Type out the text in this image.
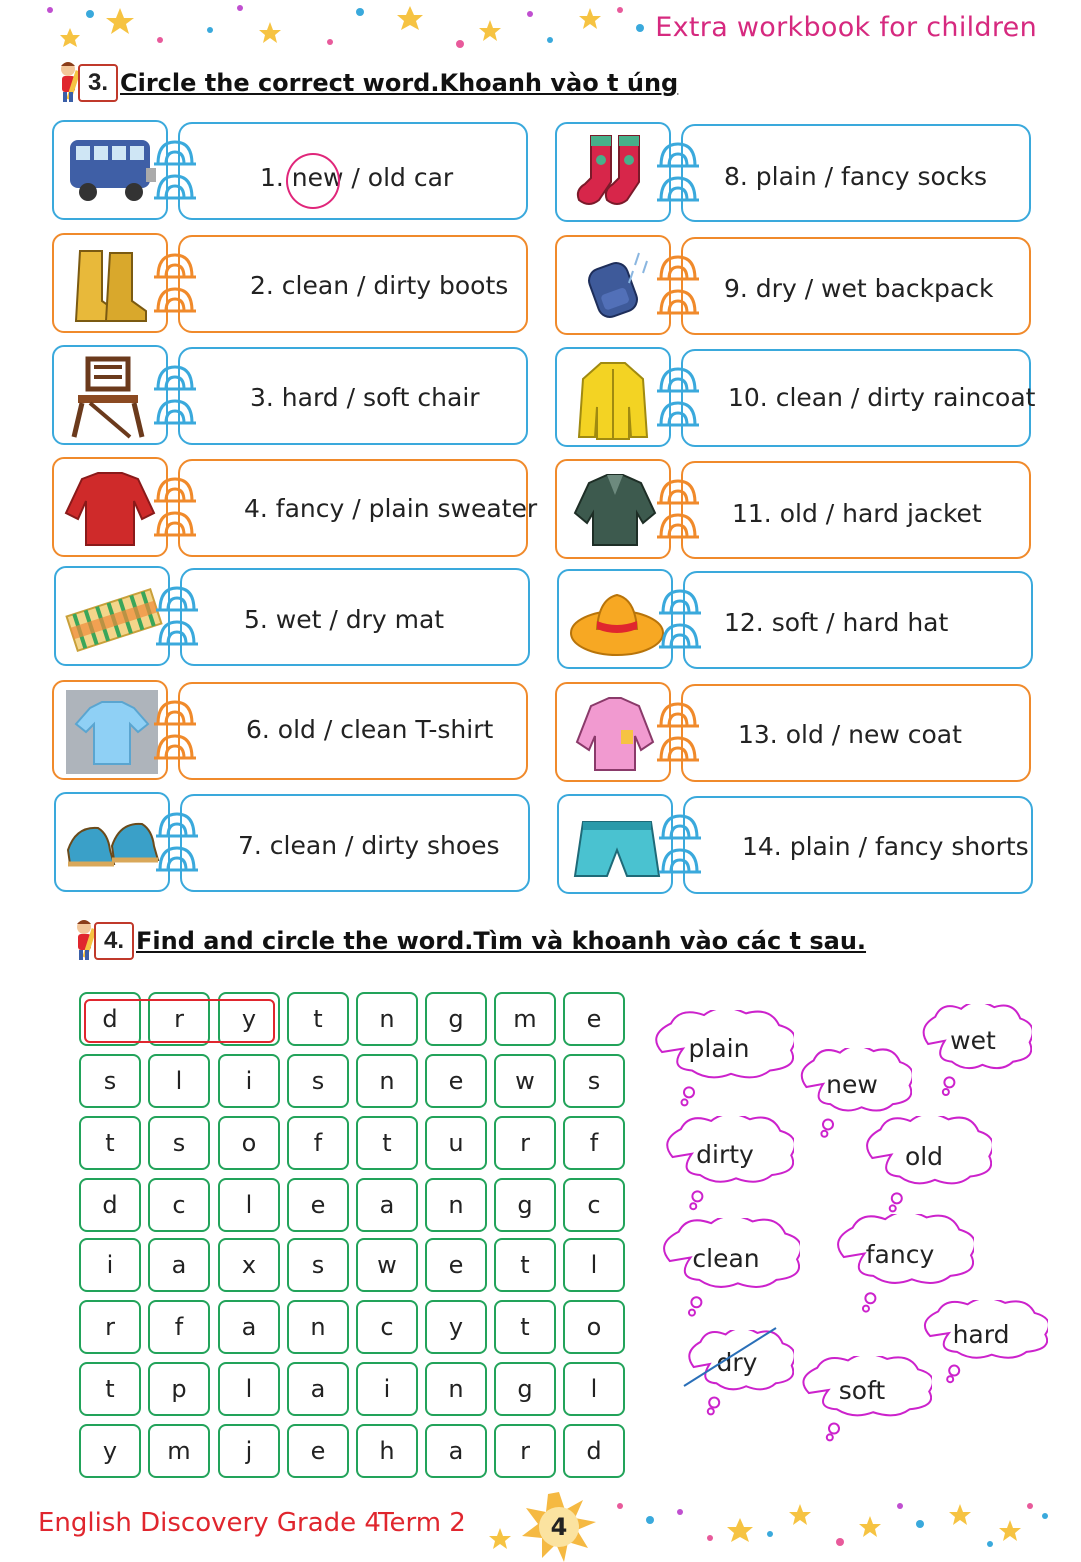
Extra workbook for children
3. Circle the correct word.Khoanh vào t úng
1. new / old car
2. clean / dirty boots
3. hard / soft chair
4. fancy / plain sweater
5. wet / dry mat
6. old / clean T-shirt
7. clean / dirty shoes
8. plain / fancy socks
9. dry / wet backpack
10. clean / dirty raincoat
11. old / hard jacket
12. soft / hard hat
13. old / new coat
14. plain / fancy shorts
4. Find and circle the word.Tìm và khoanh vào các t sau.
d	r	y	t	n	g	m	e
s	l	i	s	n	e	w	s
t	s	o	f	t	u	r	f
d	c	l	e	a	n	g	c
i	a	x	s	w	e	t	l
r	f	a	n	c	y	t	o
t	p	l	a	i	n	g	l
y	m	j	e	h	a	r	d
plain
new
wet
dirty	old
clean	fancy
dry
soft
hard
English Discovery Grade 4
Term 2	4
